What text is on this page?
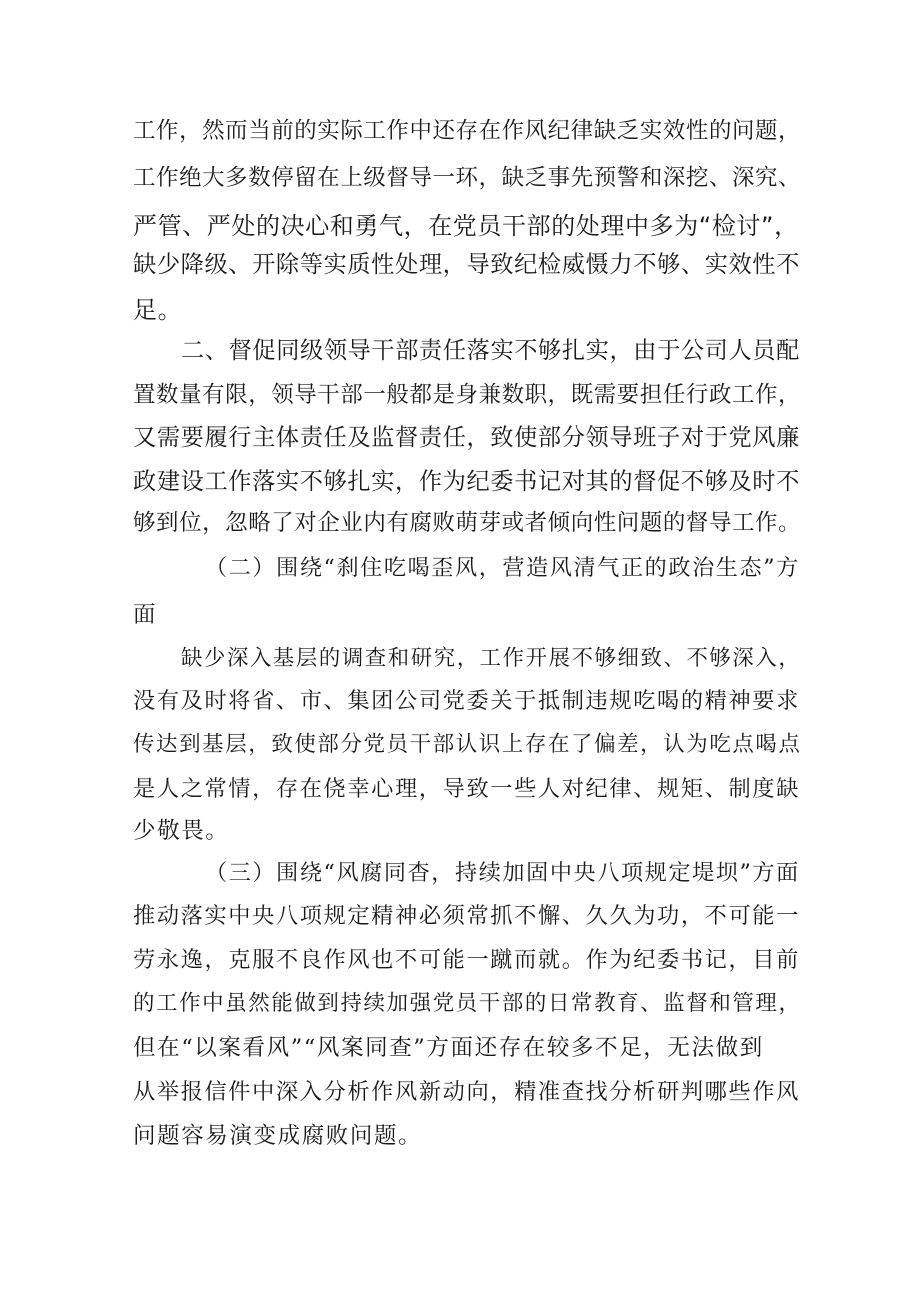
工作，然而当前的实际工作中还存在作风纪律缺乏实效性的问题，
工作绝大多数停留在上级督导一环，缺乏事先预警和深挖、深究、
严管、严处的决心和勇气，在党员干部的处理中多为“检讨”，
缺少降级、开除等实质性处理，导致纪检威慑力不够、实效性不
足。
二、督促同级领导干部责任落实不够扎实，由于公司人员配
置数量有限，领导干部一般都是身兼数职，既需要担任行政工作，
又需要履行主体责任及监督责任，致使部分领导班子对于党风廉
政建设工作落实不够扎实，作为纪委书记对其的督促不够及时不
够到位，忽略了对企业内有腐败萌芽或者倾向性问题的督导工作。
（二）围绕“刹住吃喝歪风，营造风清气正的政治生态”方
面
缺少深入基层的调查和研究，工作开展不够细致、不够深入，
没有及时将省、市、集团公司党委关于抵制违规吃喝的精神要求
传达到基层，致使部分党员干部认识上存在了偏差，认为吃点喝点
是人之常情，存在侥幸心理，导致一些人对纪律、规矩、制度缺
少敬畏。
（三）围绕“风腐同杳，持续加固中央八项规定堤坝”方面
推动落实中央八项规定精神必须常抓不懈、久久为功，不可能一
劳永逸，克服不良作风也不可能一蹴而就。作为纪委书记，目前
的工作中虽然能做到持续加强党员干部的日常教育、监督和管理，
但在“以案看风”“风案同查”方面还存在较多不足，无法做到
从举报信件中深入分析作风新动向，精准查找分析研判哪些作风
问题容易演变成腐败问题。
